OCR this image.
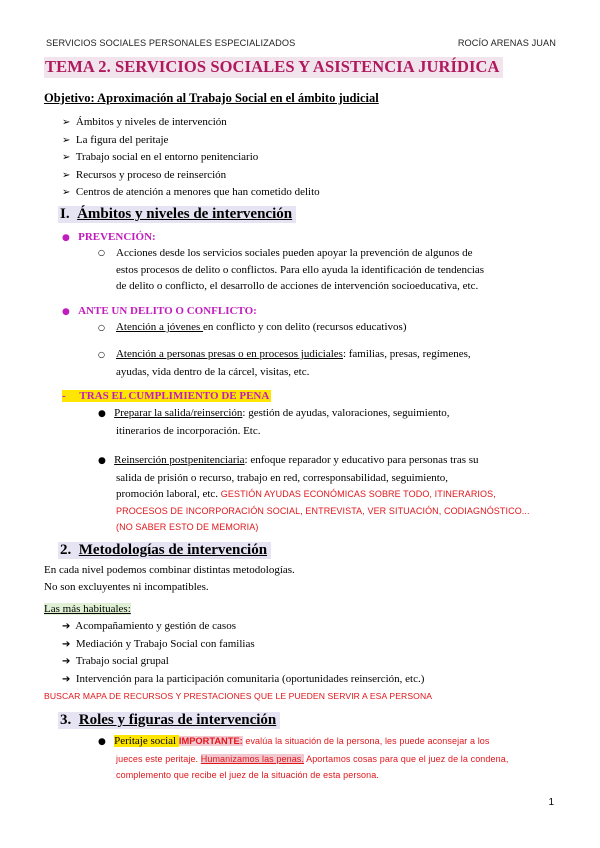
SERVICIOS SOCIALES PERSONALES ESPECIALIZADOS	ROCÍO ARENAS JUAN
TEMA 2. SERVICIOS SOCIALES Y ASISTENCIA JURÍDICA
Objetivo: Aproximación al Trabajo Social en el ámbito judicial
➢ Ámbitos y niveles de intervención
➢ La figura del peritaje
➢ Trabajo social en el entorno penitenciario
➢ Recursos y proceso de reinserción
➢ Centros de atención a menores que han cometido delito
I. Ámbitos y niveles de intervención
● PREVENCIÓN:
○	Acciones desde los servicios sociales pueden apoyar la prevención de algunos de
estos procesos de delito o conflictos. Para ello ayuda la identificación de tendencias
de delito o conflicto, el desarrollo de acciones de intervención socioeducativa, etc.
● ANTE UN DELITO O CONFLICTO:
○ Atención a jóvenes en conflicto y con delito (recursos educativos)
○ Atención a personas presas o en procesos judiciales: familias, presas, regímenes,
ayudas, vida dentro de la cárcel, visitas, etc.
- TRAS EL CUMPLIMIENTO DE PENA
● Preparar la salida/reinserción: gestión de ayudas, valoraciones, seguimiento,
itinerarios de incorporación. Etc.
● Reinserción postpenitenciaria: enfoque reparador y educativo para personas tras su
salida de prisión o recurso, trabajo en red, corresponsabilidad, seguimiento,
promoción laboral, etc. GESTIÓN AYUDAS ECONÓMICAS SOBRE TODO, ITINERARIOS,
PROCESOS DE INCORPORACIÓN SOCIAL, ENTREVISTA, VER SITUACIÓN, CODIAGNÓSTICO...
(NO SABER ESTO DE MEMORIA)
2. Metodologías de intervención
En cada nivel podemos combinar distintas metodologías.
No son excluyentes ni incompatibles.
Las más habituales:
➔ Acompañamiento y gestión de casos
➔ Mediación y Trabajo Social con familias
➔ Trabajo social grupal
➔ Intervención para la participación comunitaria (oportunidades reinserción, etc.)
BUSCAR MAPA DE RECURSOS Y PRESTACIONES QUE LE PUEDEN SERVIR A ESA PERSONA
3. Roles y figuras de intervención
● Peritaje social IMPORTANTE: evalúa la situación de la persona, les puede aconsejar a los
jueces este peritaje. Humanizamos las penas. Aportamos cosas para que el juez de la condena,
complemento que recibe el juez de la situación de esta persona.
1
